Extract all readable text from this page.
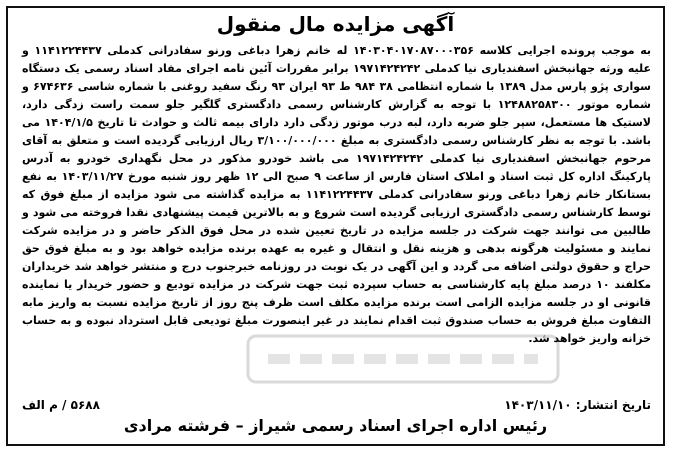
آگهی مزایده مال منقول
به موجب پرونده اجرایی کلاسه ۱۴۰۳۰۴۰۱۷۰۸۷۰۰۰۳۵۶ له خانم زهرا دباغی ورنو سفادرانی کدملی ۱۱۴۱۲۲۴۴۳۷ و علیه ورثه جهانبخش اسفندیاری نیا کدملی ۱۹۷۱۴۲۴۲۴۲ برابر مقررات آئین نامه اجرای مفاد اسناد رسمی یک دستگاه سواری پژو پارس مدل ۱۳۸۹ با شماره انتظامی ۳۸ ۹۸۴ ط ۹۳ ایران ۹۳ رنگ سفید روغنی با شماره شاسی ۶۷۴۶۳۶ و شماره موتور ۱۲۴۸۸۲۵۸۳۰۰ با توجه به گزارش کارشناس رسمی دادگستری گلگیر جلو سمت راست زدگی دارد، لاستیک ها مستعمل، سپر جلو ضربه دارد، لبه درب موتور زدگی دارد دارای بیمه ثالث و حوادث تا تاریخ ۱۴۰۴/۱/۵ می باشد. با توجه به نظر کارشناس رسمی دادگستری به مبلغ ۳/۱۰۰/۰۰۰/۰۰۰ ریال ارزیابی گردیده است و متعلق به آقای مرحوم جهانبخش اسفندیاری نیا کدملی ۱۹۷۱۴۲۴۲۴۲ می باشد خودرو مذکور در محل نگهداری خودرو به آدرس پارکینگ اداره کل ثبت اسناد و املاک استان فارس از ساعت ۹ صبح الی ۱۲ ظهر روز شنبه مورخ ۱۴۰۳/۱۱/۲۷ به نفع بستانکار خانم زهرا دباغی ورنو سفادرانی کدملی ۱۱۴۱۲۲۴۴۳۷ به مزایده گذاشته می شود مزایده از مبلغ فوق که توسط کارشناس رسمی دادگستری ارزیابی گردیده است شروع و به بالاترین قیمت پیشنهادی نقدا فروخته می شود و طالبین می توانند جهت شرکت در جلسه مزایده در تاریخ تعیین شده در محل فوق الذکر حاضر و در مزایده شرکت نمایند و مسئولیت هرگونه بدهی و هزینه نقل و انتقال و غیره به عهده برنده مزایده خواهد بود و به مبلغ فوق حق حراج و حقوق دولتی اضافه می گردد و این آگهی در یک نوبت در روزنامه خبرجنوب درج و منتشر خواهد شد خریداران مکلفند ۱۰ درصد مبلغ پایه کارشناسی به حساب سپرده ثبت جهت شرکت در مزایده تودیع و حضور خریدار یا نماینده قانونی او در جلسه مزایده الزامی است برنده مزایده مکلف است ظرف پنج روز از تاریخ مزایده نسبت به واریز مابه التفاوت مبلغ فروش به حساب صندوق ثبت اقدام نمایند در غیر اینصورت مبلغ تودیعی قابل استرداد نبوده و به حساب خزانه واریز خواهد شد.
تاریخ انتشار: ۱۴۰۳/۱۱/۱۰
۵۶۸۸ / م الف
رئیس اداره اجرای اسناد رسمی شیراز – فرشته مرادی
